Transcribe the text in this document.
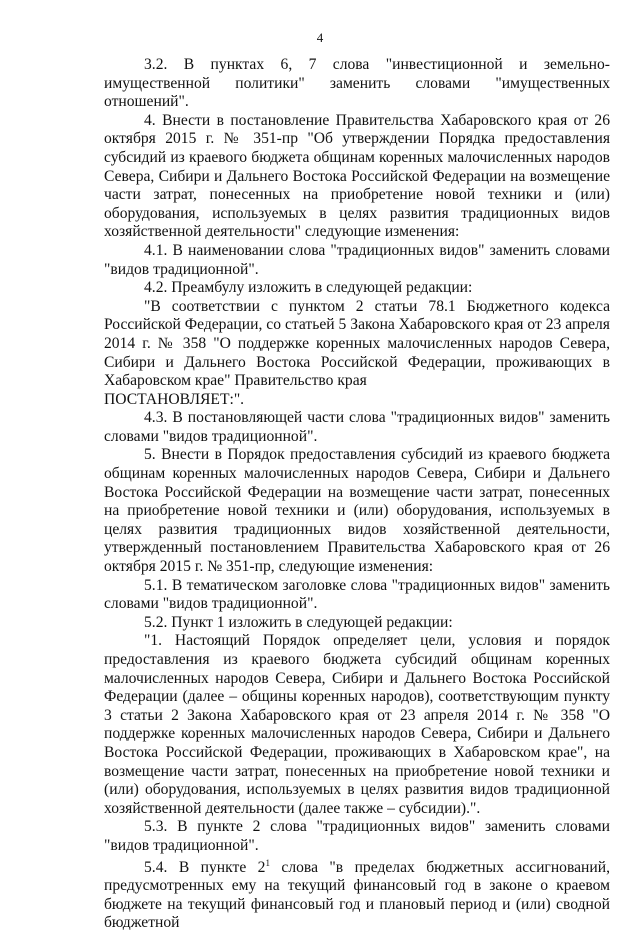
4

3.2. В пунктах 6, 7 слова "инвестиционной и земельно-имущественной политики" заменить словами "имущественных отношений".

4. Внести в постановление Правительства Хабаровского края от 26 октября 2015 г. № 351-пр "Об утверждении Порядка предоставления субсидий из краевого бюджета общинам коренных малочисленных народов Севера, Сибири и Дальнего Востока Российской Федерации на возмещение части затрат, понесенных на приобретение новой техники и (или) оборудования, используемых в целях развития традиционных видов хозяйственной деятельности" следующие изменения:

4.1. В наименовании слова "традиционных видов" заменить словами "видов традиционной".

4.2. Преамбулу изложить в следующей редакции:

"В соответствии с пунктом 2 статьи 78.1 Бюджетного кодекса Российской Федерации, со статьей 5 Закона Хабаровского края от 23 апреля 2014 г. № 358 "О поддержке коренных малочисленных народов Севера, Сибири и Дальнего Востока Российской Федерации, проживающих в Хабаровском крае" Правительство края

ПОСТАНОВЛЯЕТ:".

4.3. В постановляющей части слова "традиционных видов" заменить словами "видов традиционной".

5. Внести в Порядок предоставления субсидий из краевого бюджета общинам коренных малочисленных народов Севера, Сибири и Дальнего Востока Российской Федерации на возмещение части затрат, понесенных на приобретение новой техники и (или) оборудования, используемых в целях развития традиционных видов хозяйственной деятельности, утвержденный постановлением Правительства Хабаровского края от 26 октября 2015 г. № 351-пр, следующие изменения:

5.1. В тематическом заголовке слова "традиционных видов" заменить словами "видов традиционной".

5.2. Пункт 1 изложить в следующей редакции:

"1. Настоящий Порядок определяет цели, условия и порядок предоставления из краевого бюджета субсидий общинам коренных малочисленных народов Севера, Сибири и Дальнего Востока Российской Федерации (далее – общины коренных народов), соответствующим пункту 3 статьи 2 Закона Хабаровского края от 23 апреля 2014 г. № 358 "О поддержке коренных малочисленных народов Севера, Сибири и Дальнего Востока Российской Федерации, проживающих в Хабаровском крае", на возмещение части затрат, понесенных на приобретение новой техники и (или) оборудования, используемых в целях развития видов традиционной хозяйственной деятельности (далее также – субсидии).".

5.3. В пункте 2 слова "традиционных видов" заменить словами "видов традиционной".

5.4. В пункте $2^1$ слова "в пределах бюджетных ассигнований, предусмотренных ему на текущий финансовый год в законе о краевом бюджете на текущий финансовый год и плановый период и (или) сводной бюджетной
